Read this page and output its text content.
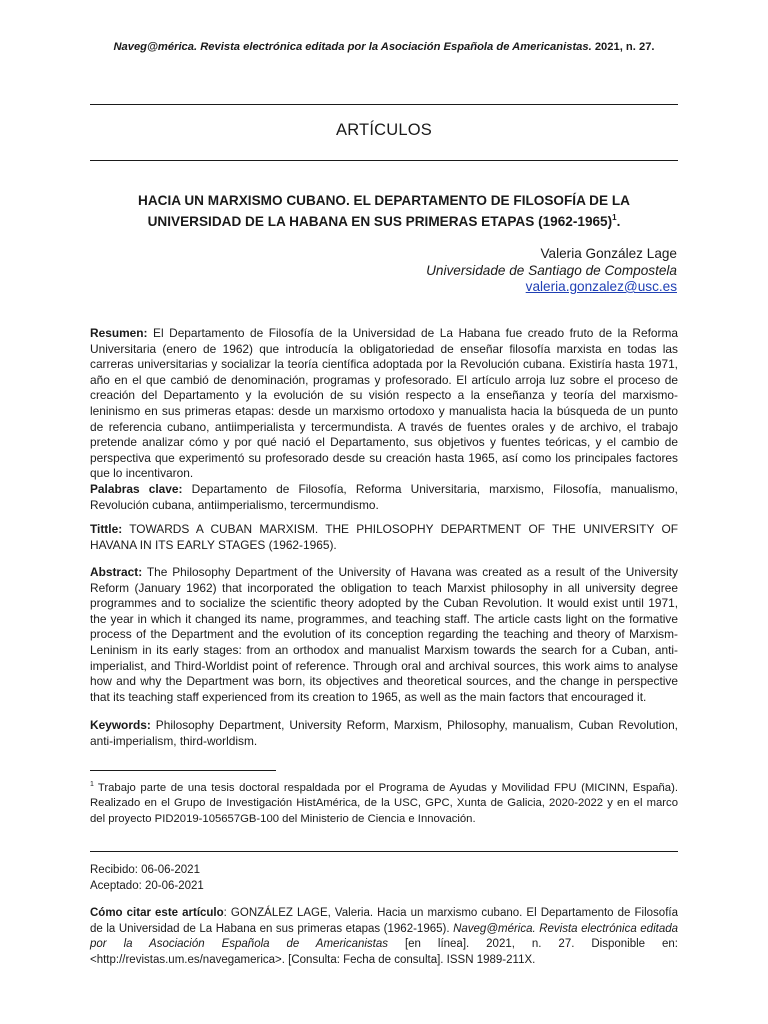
Naveg@mérica. Revista electrónica editada por la Asociación Española de Americanistas. 2021, n. 27.
ARTÍCULOS
HACIA UN MARXISMO CUBANO. EL DEPARTAMENTO DE FILOSOFÍA DE LA UNIVERSIDAD DE LA HABANA EN SUS PRIMERAS ETAPAS (1962-1965)$^1$.
Valeria González Lage
Universidade de Santiago de Compostela
valeria.gonzalez@usc.es
Resumen: El Departamento de Filosofía de la Universidad de La Habana fue creado fruto de la Reforma Universitaria (enero de 1962) que introducía la obligatoriedad de enseñar filosofía marxista en todas las carreras universitarias y socializar la teoría científica adoptada por la Revolución cubana. Existiría hasta 1971, año en el que cambió de denominación, programas y profesorado. El artículo arroja luz sobre el proceso de creación del Departamento y la evolución de su visión respecto a la enseñanza y teoría del marxismo-leninismo en sus primeras etapas: desde un marxismo ortodoxo y manualista hacia la búsqueda de un punto de referencia cubano, antiimperialista y tercermundista. A través de fuentes orales y de archivo, el trabajo pretende analizar cómo y por qué nació el Departamento, sus objetivos y fuentes teóricas, y el cambio de perspectiva que experimentó su profesorado desde su creación hasta 1965, así como los principales factores que lo incentivaron.
Palabras clave: Departamento de Filosofía, Reforma Universitaria, marxismo, Filosofía, manualismo, Revolución cubana, antiimperialismo, tercermundismo.
Tittle: TOWARDS A CUBAN MARXISM. THE PHILOSOPHY DEPARTMENT OF THE UNIVERSITY OF HAVANA IN ITS EARLY STAGES (1962-1965).
Abstract: The Philosophy Department of the University of Havana was created as a result of the University Reform (January 1962) that incorporated the obligation to teach Marxist philosophy in all university degree programmes and to socialize the scientific theory adopted by the Cuban Revolution. It would exist until 1971, the year in which it changed its name, programmes, and teaching staff. The article casts light on the formative process of the Department and the evolution of its conception regarding the teaching and theory of Marxism-Leninism in its early stages: from an orthodox and manualist Marxism towards the search for a Cuban, anti-imperialist, and Third-Worldist point of reference. Through oral and archival sources, this work aims to analyse how and why the Department was born, its objectives and theoretical sources, and the change in perspective that its teaching staff experienced from its creation to 1965, as well as the main factors that encouraged it.
Keywords: Philosophy Department, University Reform, Marxism, Philosophy, manualism, Cuban Revolution, anti-imperialism, third-worldism.
$^1$ Trabajo parte de una tesis doctoral respaldada por el Programa de Ayudas y Movilidad FPU (MICINN, España). Realizado en el Grupo de Investigación HistAmérica, de la USC, GPC, Xunta de Galicia, 2020-2022 y en el marco del proyecto PID2019-105657GB-100 del Ministerio de Ciencia e Innovación.
Recibido: 06-06-2021
Aceptado: 20-06-2021
Cómo citar este artículo: GONZÁLEZ LAGE, Valeria. Hacia un marxismo cubano. El Departamento de Filosofía de la Universidad de La Habana en sus primeras etapas (1962-1965). Naveg@mérica. Revista electrónica editada por la Asociación Española de Americanistas [en línea]. 2021, n. 27. Disponible en: <http://revistas.um.es/navegamerica>. [Consulta: Fecha de consulta]. ISSN 1989-211X.
